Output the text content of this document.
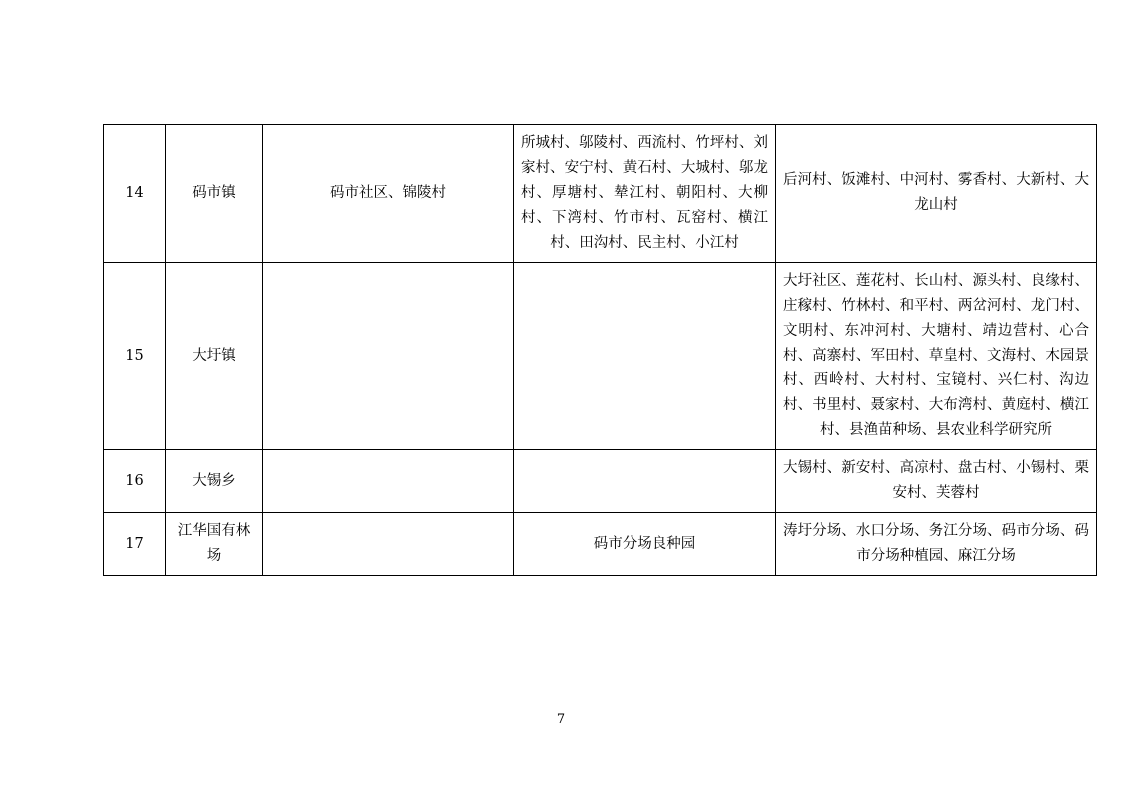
14	码市镇	码市社区、锦陵村	所城村、邬陵村、西流村、竹坪村、刘家村、安宁村、黄石村、大城村、邬龙村、厚塘村、辇江村、朝阳村、大柳村、下湾村、竹市村、瓦窑村、横江村、田沟村、民主村、小江村	后河村、饭滩村、中河村、雾香村、大新村、大龙山村
15	大圩镇			大圩社区、莲花村、长山村、源头村、良缘村、庄稼村、竹林村、和平村、两岔河村、龙门村、文明村、东冲河村、大塘村、靖边营村、心合村、高寨村、军田村、草皇村、文海村、木园景村、西岭村、大村村、宝镜村、兴仁村、沟边村、书里村、聂家村、大布湾村、黄庭村、横江村、县渔苗种场、县农业科学研究所
16	大锡乡			大锡村、新安村、高凉村、盘古村、小锡村、栗安村、芙蓉村
17	江华国有林场		码市分场良种园	涛圩分场、水口分场、务江分场、码市分场、码市分场种植园、麻江分场
7
